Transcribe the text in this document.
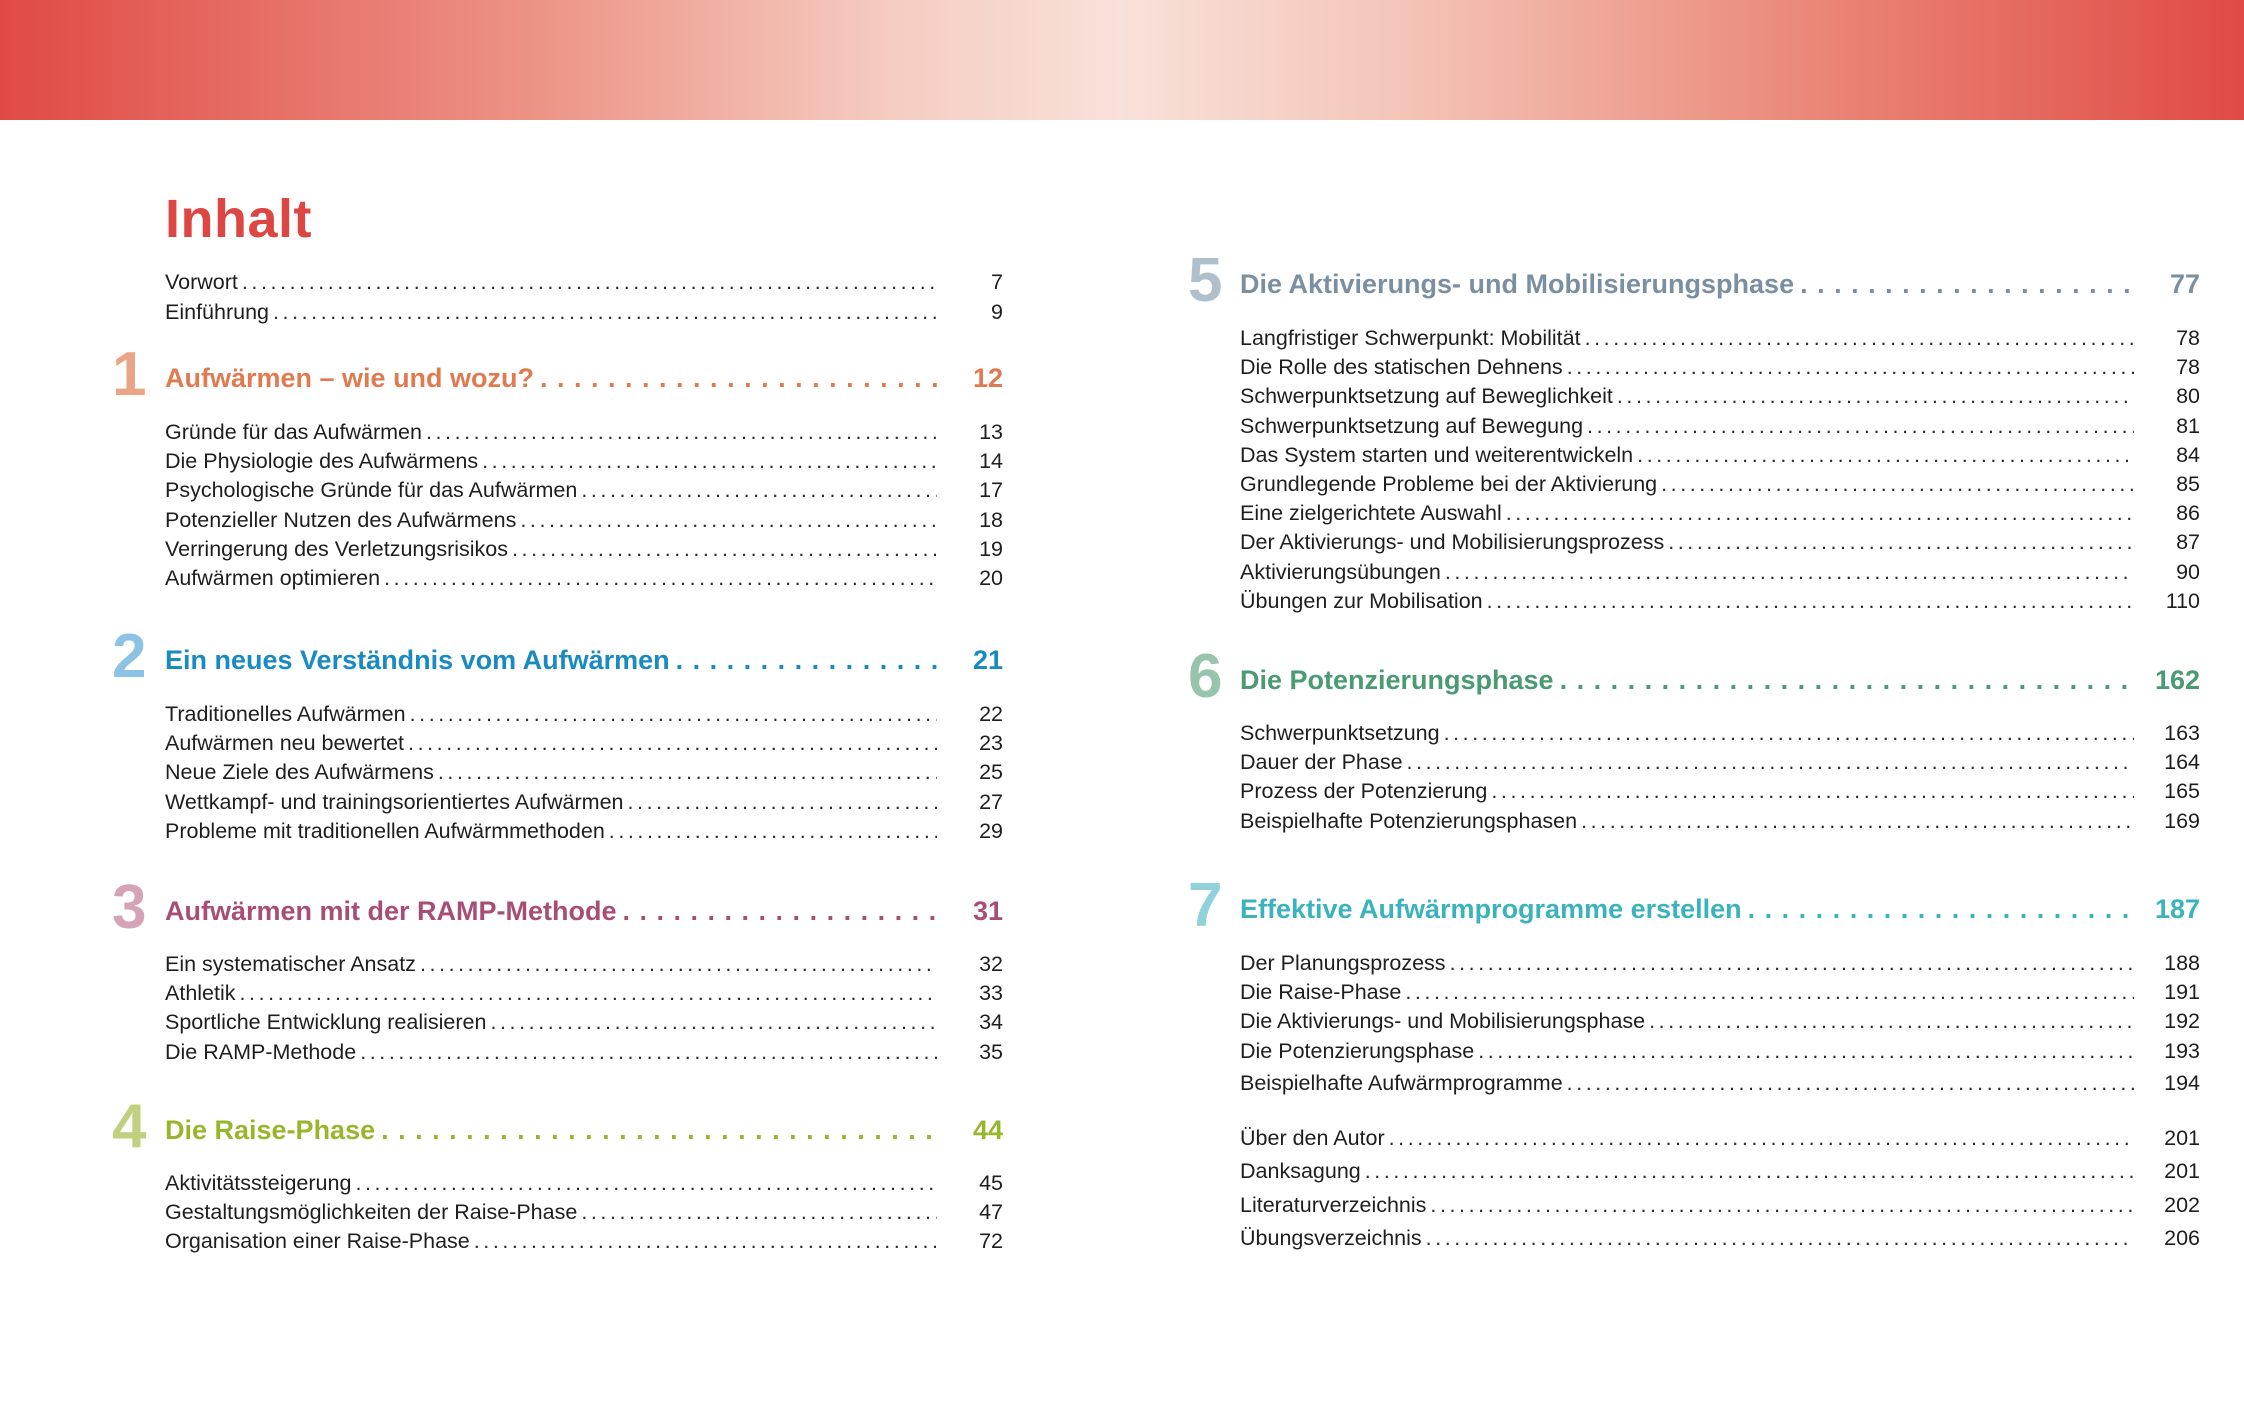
Inhalt
Vorwort . . .	7
Einführung . . .	9
1 Aufwärmen – wie und wozu? . . .	12
Gründe für das Aufwärmen . . .	13
Die Physiologie des Aufwärmens . . .	14
Psychologische Gründe für das Aufwärmen . . .	17
Potenzieller Nutzen des Aufwärmens . . .	18
Verringerung des Verletzungsrisikos . . .	19
Aufwärmen optimieren . . .	20
2 Ein neues Verständnis vom Aufwärmen . . .	21
Traditionelles Aufwärmen . . .	22
Aufwärmen neu bewertet . . .	23
Neue Ziele des Aufwärmens . . .	25
Wettkampf- und trainingsorientiertes Aufwärmen . . .	27
Probleme mit traditionellen Aufwärmmethoden . . .	29
3 Aufwärmen mit der RAMP-Methode . . .	31
Ein systematischer Ansatz . . .	32
Athletik . . .	33
Sportliche Entwicklung realisieren . . .	34
Die RAMP-Methode . . .	35
4 Die Raise-Phase . . .	44
Aktivitätssteigerung . . .	45
Gestaltungsmöglichkeiten der Raise-Phase . . .	47
Organisation einer Raise-Phase . . .	72
5 Die Aktivierungs- und Mobilisierungsphase . . .	77
Langfristiger Schwerpunkt: Mobilität . . .	78
Die Rolle des statischen Dehnens . . .	78
Schwerpunktsetzung auf Beweglichkeit . . .	80
Schwerpunktsetzung auf Bewegung . . .	81
Das System starten und weiterentwickeln . . .	84
Grundlegende Probleme bei der Aktivierung . . .	85
Eine zielgerichtete Auswahl . . .	86
Der Aktivierungs- und Mobilisierungsprozess . . .	87
Aktivierungsübungen . . .	90
Übungen zur Mobilisation . . .	110
6 Die Potenzierungsphase . . .	162
Schwerpunktsetzung . . .	163
Dauer der Phase . . .	164
Prozess der Potenzierung . . .	165
Beispielhafte Potenzierungsphasen . . .	169
7 Effektive Aufwärmprogramme erstellen . . .	187
Der Planungsprozess . . .	188
Die Raise-Phase . . .	191
Die Aktivierungs- und Mobilisierungsphase . . .	192
Die Potenzierungsphase . . .	193
Beispielhafte Aufwärmprogramme . . .	194
Über den Autor . . .	201
Danksagung . . .	201
Literaturverzeichnis . . .	202
Übungsverzeichnis . . .	206
